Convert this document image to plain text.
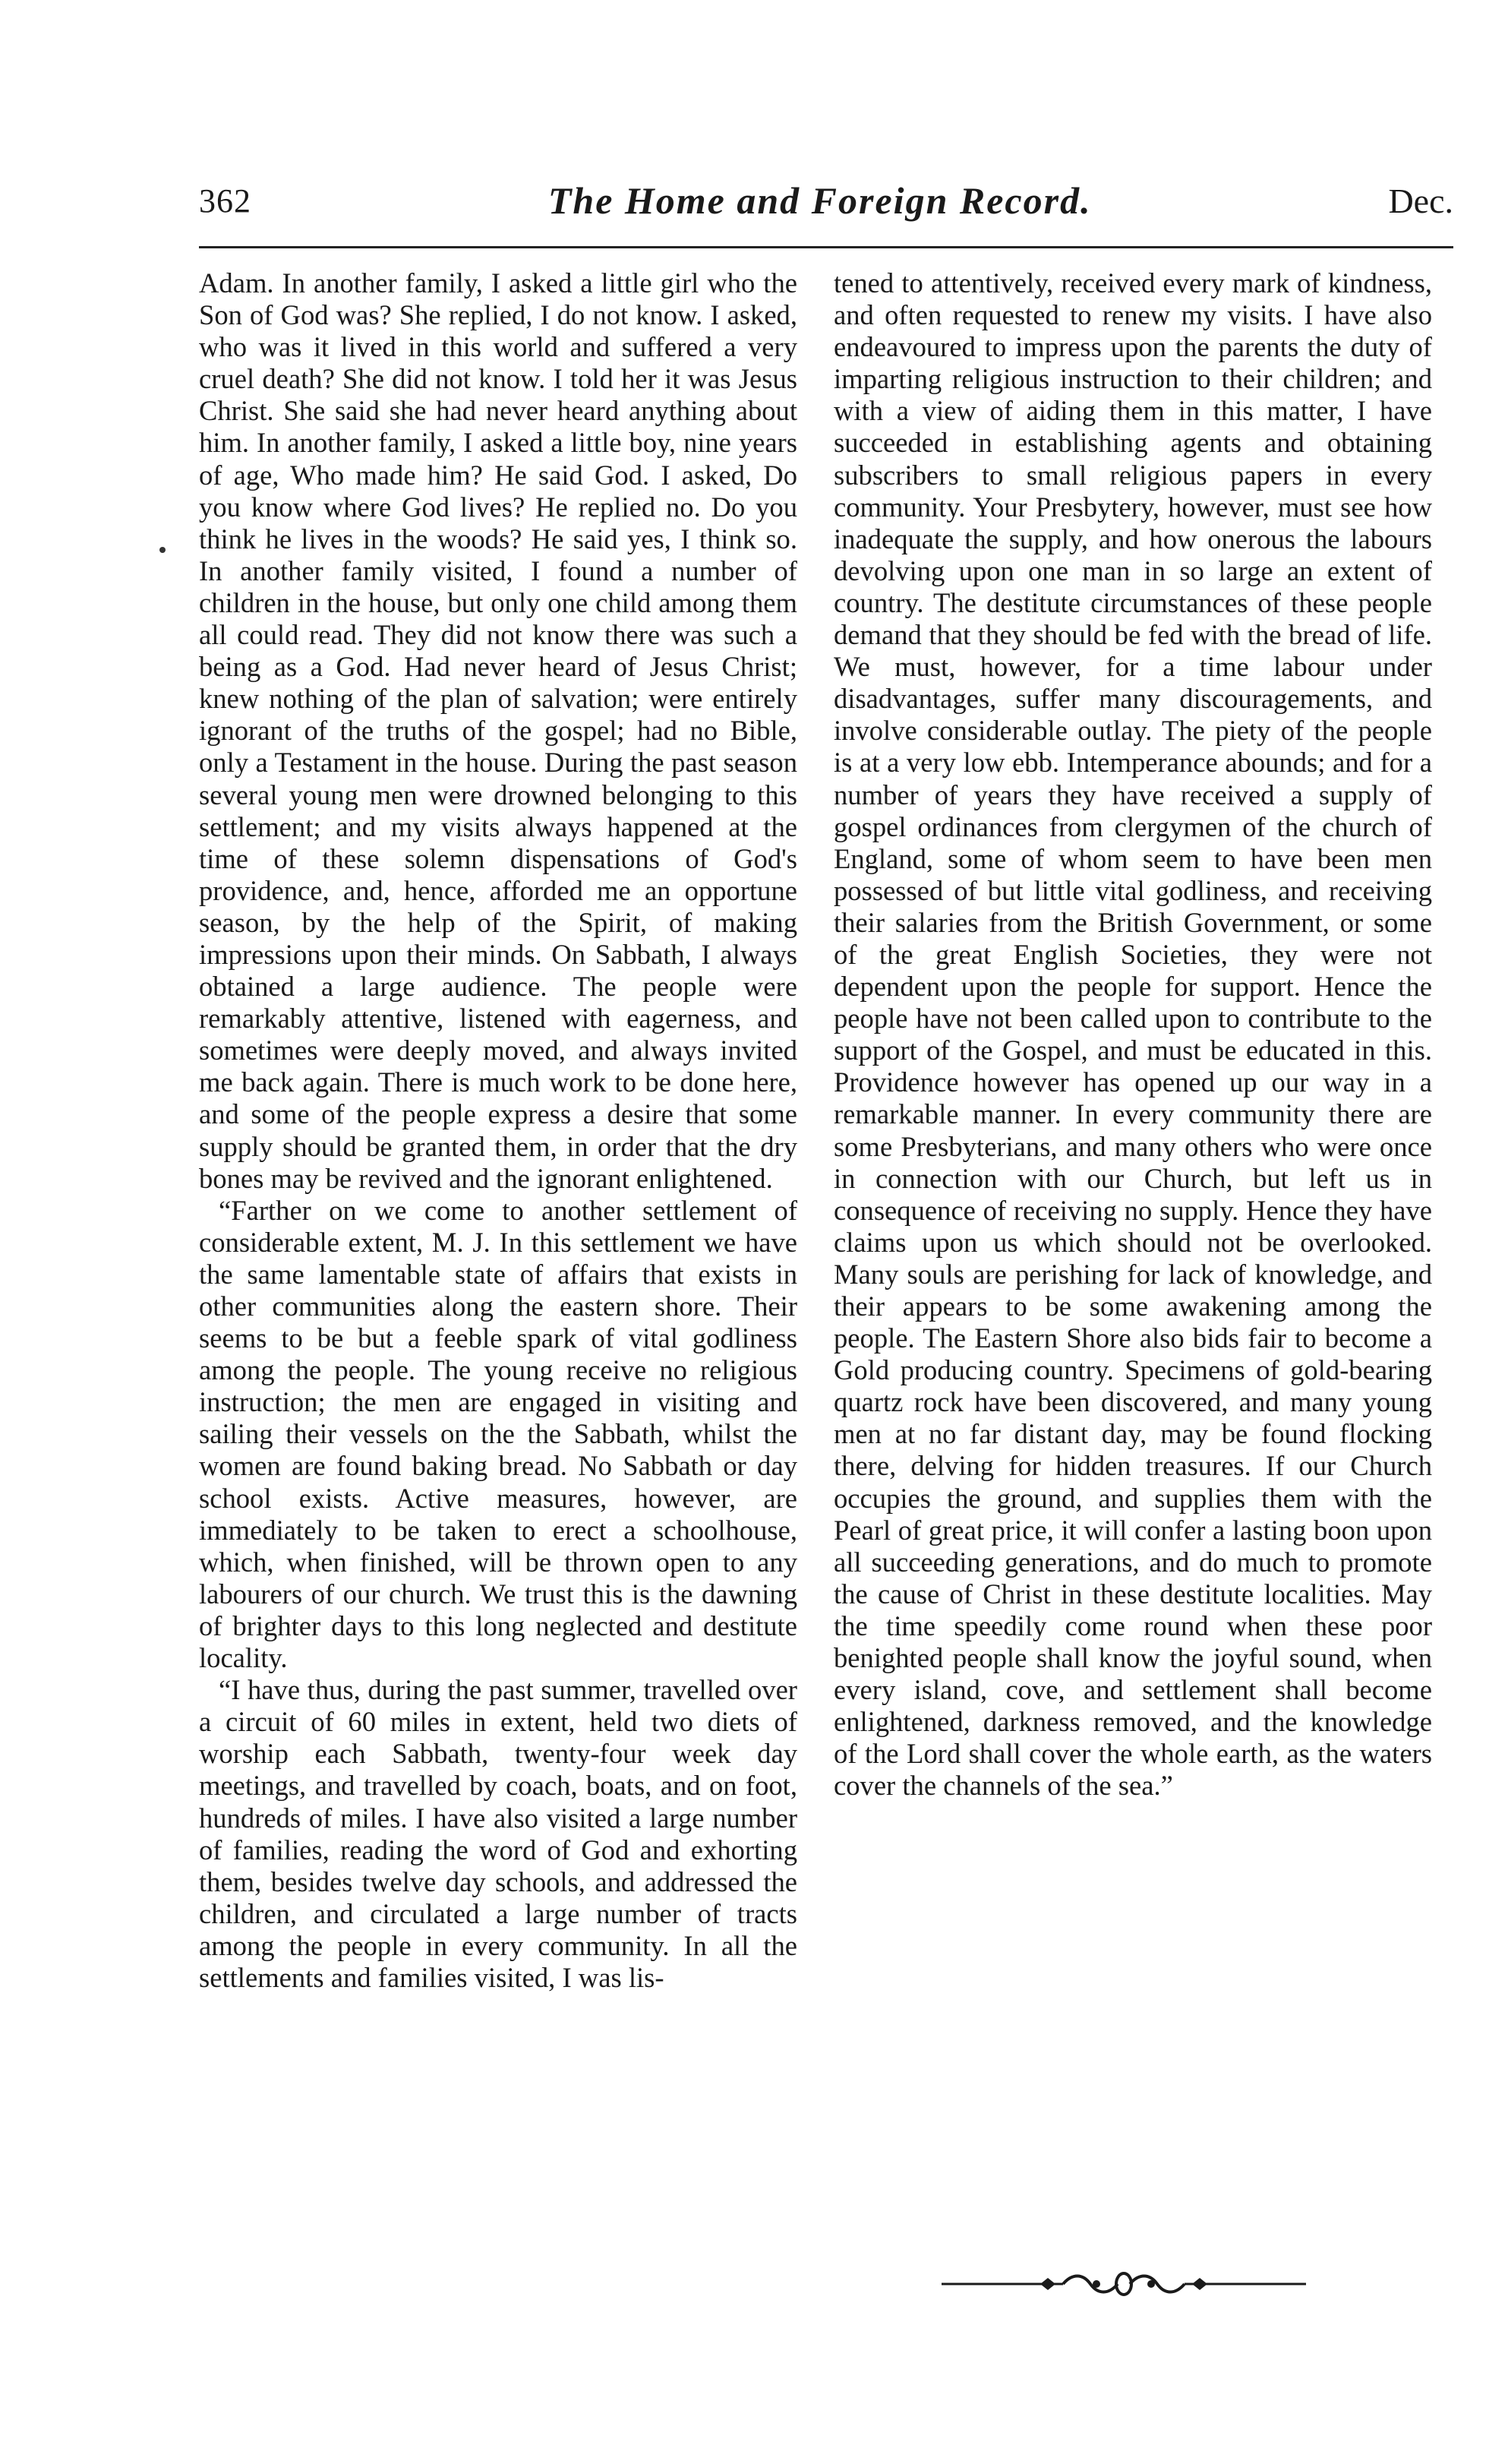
362	The Home and Foreign Record.	Dec.

Adam. In another family, I asked a little girl who the Son of God was? She replied, I do not know. I asked, who was it lived in this world and suffered a very cruel death? She did not know. I told her it was Jesus Christ. She said she had never heard anything about him. In another family, I asked a little boy, nine years of age, Who made him? He said God. I asked, Do you know where God lives? He replied no. Do you think he lives in the woods? He said yes, I think so. In another family visited, I found a number of children in the house, but only one child among them all could read. They did not know there was such a being as a God. Had never heard of Jesus Christ; knew nothing of the plan of salvation; were entirely ignorant of the truths of the gospel; had no Bible, only a Testament in the house. During the past season several young men were drowned belonging to this settlement; and my visits always happened at the time of these solemn dispensations of God's providence, and, hence, afforded me an opportune season, by the help of the Spirit, of making impressions upon their minds. On Sabbath, I always obtained a large audience. The people were remarkably attentive, listened with eagerness, and sometimes were deeply moved, and always invited me back again. There is much work to be done here, and some of the people express a desire that some supply should be granted them, in order that the dry bones may be revived and the ignorant enlightened.

“Farther on we come to another settlement of considerable extent, M. J. In this settlement we have the same lamentable state of affairs that exists in other communities along the eastern shore. Their seems to be but a feeble spark of vital godliness among the people. The young receive no religious instruction; the men are engaged in visiting and sailing their vessels on the the Sabbath, whilst the women are found baking bread. No Sabbath or day school exists. Active measures, however, are immediately to be taken to erect a schoolhouse, which, when finished, will be thrown open to any labourers of our church. We trust this is the dawning of brighter days to this long neglected and destitute locality.

“I have thus, during the past summer, travelled over a circuit of 60 miles in extent, held two diets of worship each Sabbath, twenty-four week day meetings, and travelled by coach, boats, and on foot, hundreds of miles. I have also visited a large number of families, reading the word of God and exhorting them, besides twelve day schools, and addressed the children, and circulated a large number of tracts among the people in every community. In all the settlements and families visited, I was lis-

tened to attentively, received every mark of kindness, and often requested to renew my visits. I have also endeavoured to impress upon the parents the duty of imparting religious instruction to their children; and with a view of aiding them in this matter, I have succeeded in establishing agents and obtaining subscribers to small religious papers in every community. Your Presbytery, however, must see how inadequate the supply, and how onerous the labours devolving upon one man in so large an extent of country. The destitute circumstances of these people demand that they should be fed with the bread of life. We must, however, for a time labour under disadvantages, suffer many discouragements, and involve considerable outlay. The piety of the people is at a very low ebb. Intemperance abounds; and for a number of years they have received a supply of gospel ordinances from clergymen of the church of England, some of whom seem to have been men possessed of but little vital godliness, and receiving their salaries from the British Government, or some of the great English Societies, they were not dependent upon the people for support. Hence the people have not been called upon to contribute to the support of the Gospel, and must be educated in this. Providence however has opened up our way in a remarkable manner. In every community there are some Presbyterians, and many others who were once in connection with our Church, but left us in consequence of receiving no supply. Hence they have claims upon us which should not be overlooked. Many souls are perishing for lack of knowledge, and their appears to be some awakening among the people. The Eastern Shore also bids fair to become a Gold producing country. Specimens of gold-bearing quartz rock have been discovered, and many young men at no far distant day, may be found flocking there, delving for hidden treasures. If our Church occupies the ground, and supplies them with the Pearl of great price, it will confer a lasting boon upon all succeeding generations, and do much to promote the cause of Christ in these destitute localities. May the time speedily come round when these poor benighted people shall know the joyful sound, when every island, cove, and settlement shall become enlightened, darkness removed, and the knowledge of the Lord shall cover the whole earth, as the waters cover the channels of the sea.”
